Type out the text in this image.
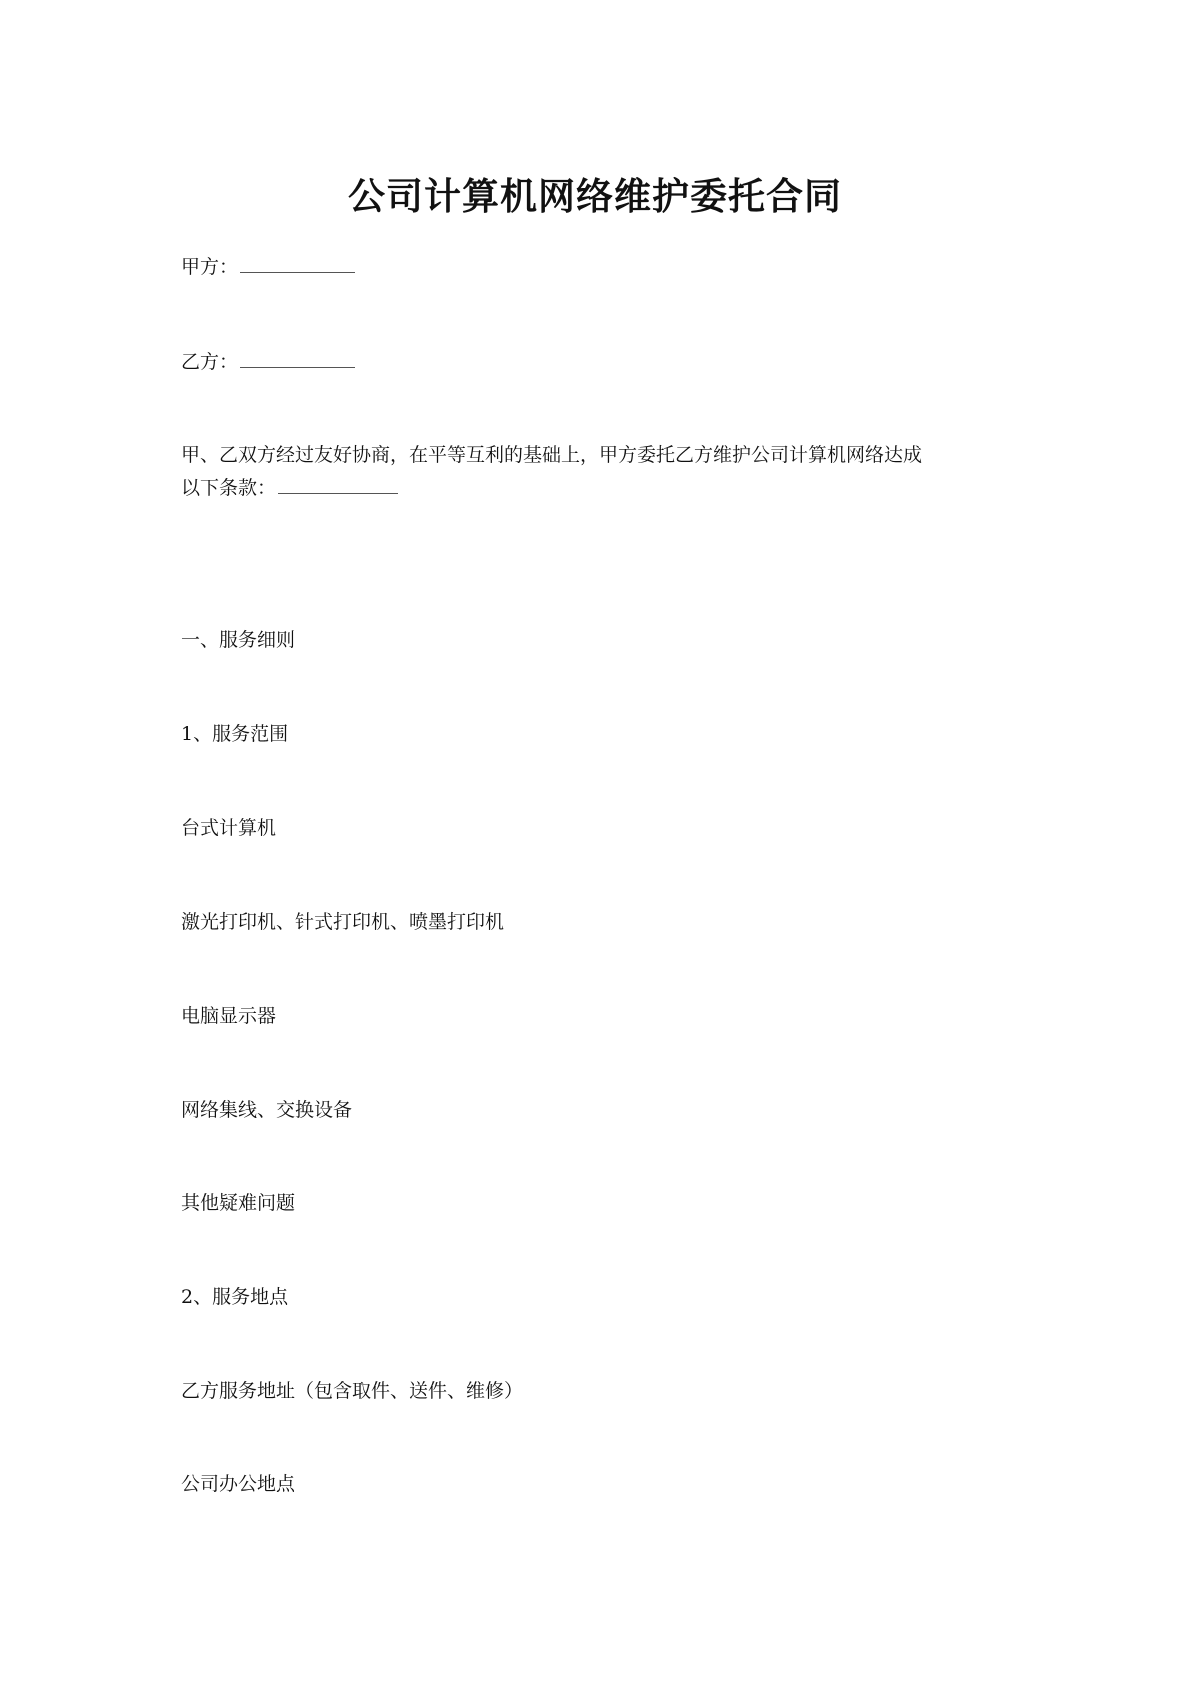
公司计算机网络维护委托合同
甲方：
乙方：
甲、乙双方经过友好协商，在平等互利的基础上，甲方委托乙方维护公司计算机网络达成
以下条款：
一、服务细则
1、服务范围
台式计算机
激光打印机、针式打印机、喷墨打印机
电脑显示器
网络集线、交换设备
其他疑难问题
2、服务地点
乙方服务地址（包含取件、送件、维修）
公司办公地点
